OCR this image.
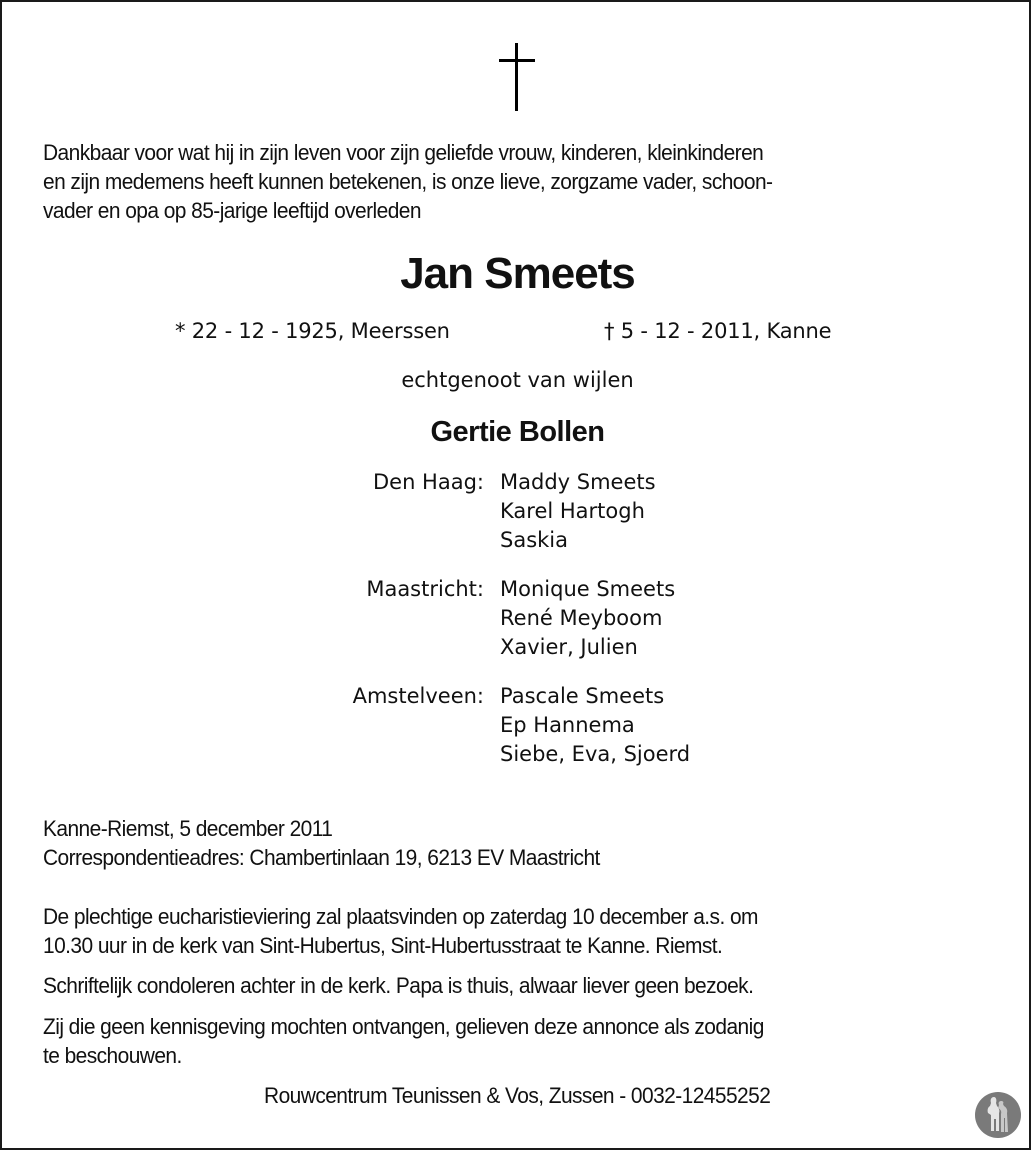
Dankbaar voor wat hij in zijn leven voor zijn geliefde vrouw, kinderen, kleinkinderen
en zijn medemens heeft kunnen betekenen, is onze lieve, zorgzame vader, schoon-
vader en opa op 85-jarige leeftijd overleden
Jan Smeets
* 22 - 12 - 1925, Meerssen	† 5 - 12 - 2011, Kanne
echtgenoot van wijlen
Gertie Bollen
Den Haag: Maddy Smeets
Karel Hartogh
Saskia
Maastricht: Monique Smeets
René Meyboom
Xavier, Julien
Amstelveen: Pascale Smeets
Ep Hannema
Siebe, Eva, Sjoerd
Kanne-Riemst, 5 december 2011
Correspondentieadres: Chambertinlaan 19, 6213 EV Maastricht
De plechtige eucharistieviering zal plaatsvinden op zaterdag 10 december a.s. om
10.30 uur in de kerk van Sint-Hubertus, Sint-Hubertusstraat te Kanne. Riemst.
Schriftelijk condoleren achter in de kerk. Papa is thuis, alwaar liever geen bezoek.
Zij die geen kennisgeving mochten ontvangen, gelieven deze annonce als zodanig
te beschouwen.
Rouwcentrum Teunissen & Vos, Zussen - 0032-12455252
